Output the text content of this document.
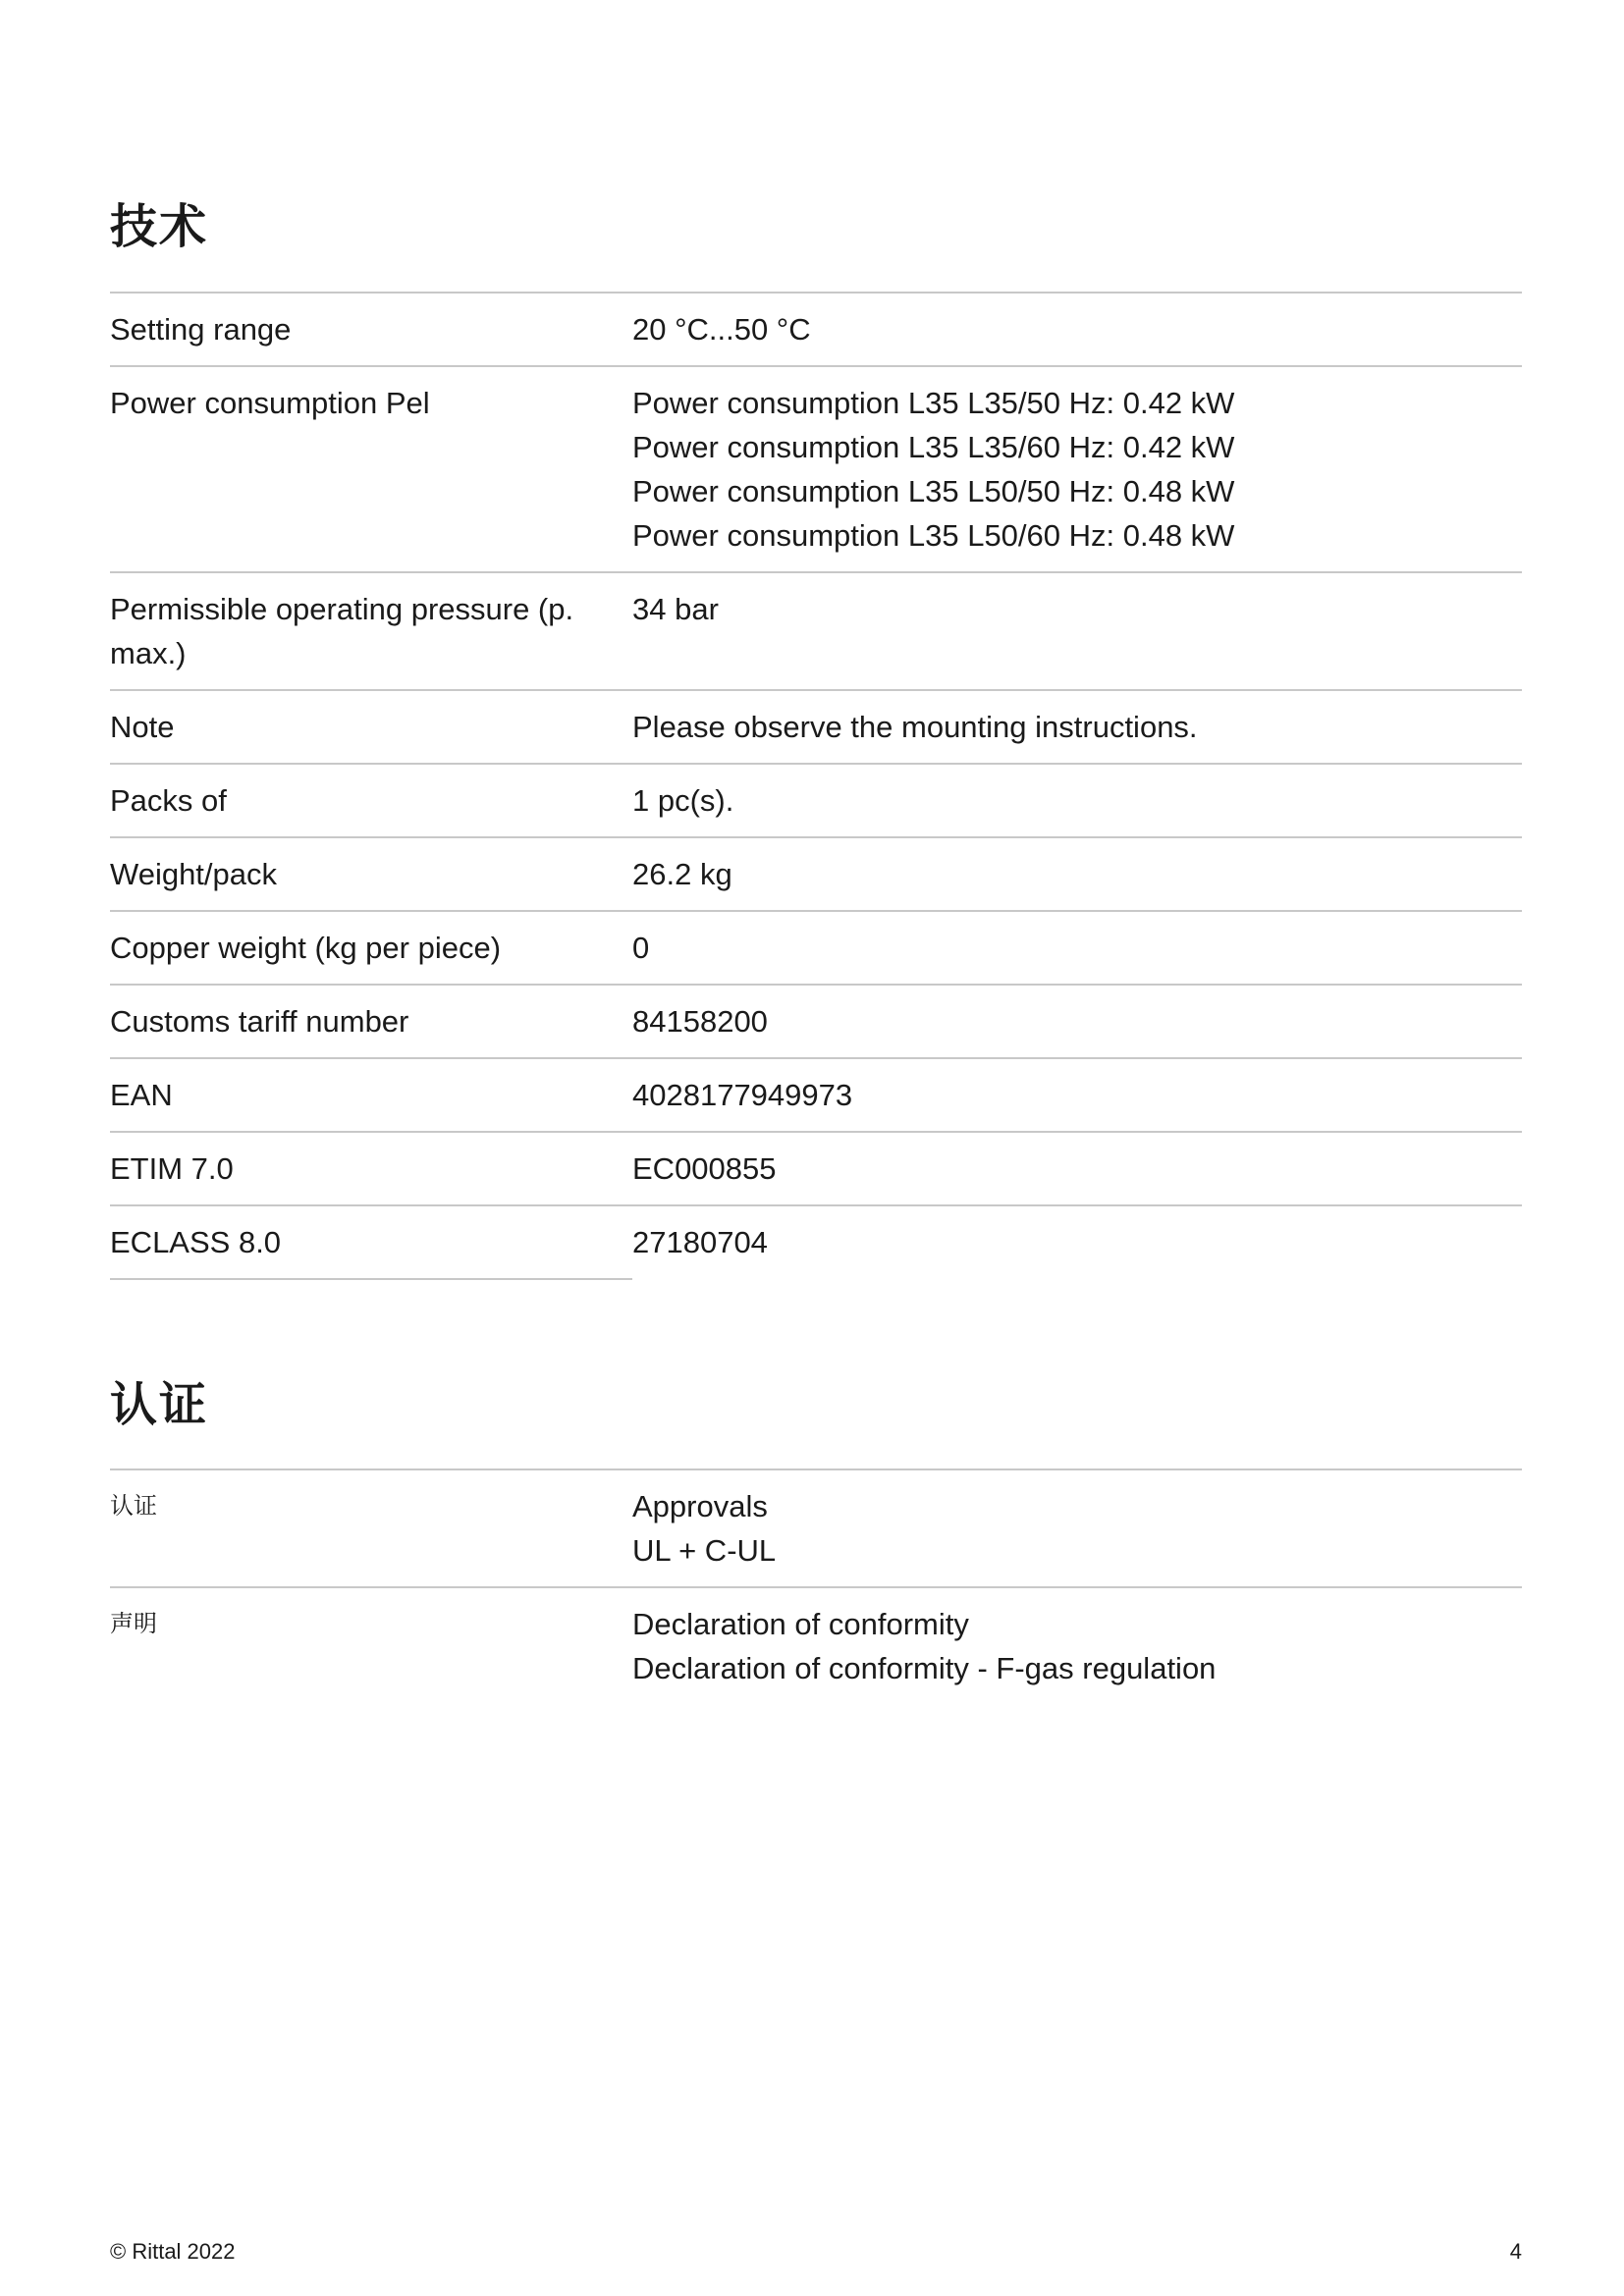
技术
Setting range	20 °C...50 °C

Power consumption Pel	Power consumption L35 L35/50 Hz: 0.42 kW
Power consumption L35 L35/60 Hz: 0.42 kW
Power consumption L35 L50/50 Hz: 0.48 kW
Power consumption L35 L50/60 Hz: 0.48 kW

Permissible operating pressure (p. max.)	34 bar

Note	Please observe the mounting instructions.

Packs of	1 pc(s).

Weight/pack	26.2 kg

Copper weight (kg per piece)	0

Customs tariff number	84158200

EAN	4028177949973

ETIM 7.0	EC000855

ECLASS 8.0	27180704
认证
认证	Approvals
UL + C-UL

声明	Declaration of conformity
Declaration of conformity - F-gas regulation
© Rittal 2022	4
